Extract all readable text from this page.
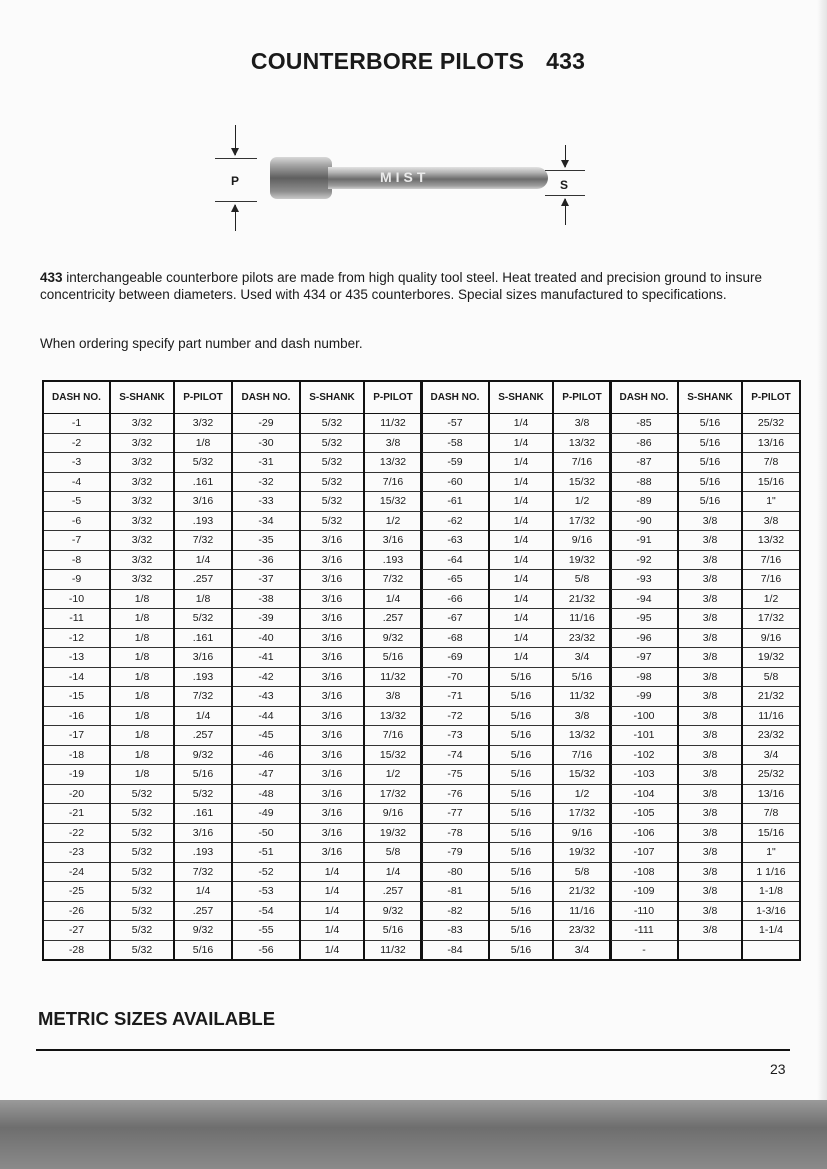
COUNTERBORE PILOTS 433
P	MIST	S
433 interchangeable counterbore pilots are made from high quality tool steel. Heat treated and precision ground to insure concentricity between diameters. Used with 434 or 435 counterbores. Special sizes manufactured to specifications.
When ordering specify part number and dash number.
DASH NO.	S-SHANK	P-PILOT
-1	3/32	3/32
-2	3/32	1/8
-3	3/32	5/32
-4	3/32	.161
-5	3/32	3/16
-6	3/32	.193
-7	3/32	7/32
-8	3/32	1/4
-9	3/32	.257
-10	1/8	1/8
-11	1/8	5/32
-12	1/8	.161
-13	1/8	3/16
-14	1/8	.193
-15	1/8	7/32
-16	1/8	1/4
-17	1/8	.257
-18	1/8	9/32
-19	1/8	5/16
-20	5/32	5/32
-21	5/32	.161
-22	5/32	3/16
-23	5/32	.193
-24	5/32	7/32
-25	5/32	1/4
-26	5/32	.257
-27	5/32	9/32
-28	5/32	5/16
DASH NO.	S-SHANK	P-PILOT
-29	5/32	11/32
-30	5/32	3/8
-31	5/32	13/32
-32	5/32	7/16
-33	5/32	15/32
-34	5/32	1/2
-35	3/16	3/16
-36	3/16	.193
-37	3/16	7/32
-38	3/16	1/4
-39	3/16	.257
-40	3/16	9/32
-41	3/16	5/16
-42	3/16	11/32
-43	3/16	3/8
-44	3/16	13/32
-45	3/16	7/16
-46	3/16	15/32
-47	3/16	1/2
-48	3/16	17/32
-49	3/16	9/16
-50	3/16	19/32
-51	3/16	5/8
-52	1/4	1/4
-53	1/4	.257
-54	1/4	9/32
-55	1/4	5/16
-56	1/4	11/32
DASH NO.	S-SHANK	P-PILOT
-57	1/4	3/8
-58	1/4	13/32
-59	1/4	7/16
-60	1/4	15/32
-61	1/4	1/2
-62	1/4	17/32
-63	1/4	9/16
-64	1/4	19/32
-65	1/4	5/8
-66	1/4	21/32
-67	1/4	11/16
-68	1/4	23/32
-69	1/4	3/4
-70	5/16	5/16
-71	5/16	11/32
-72	5/16	3/8
-73	5/16	13/32
-74	5/16	7/16
-75	5/16	15/32
-76	5/16	1/2
-77	5/16	17/32
-78	5/16	9/16
-79	5/16	19/32
-80	5/16	5/8
-81	5/16	21/32
-82	5/16	11/16
-83	5/16	23/32
-84	5/16	3/4
DASH NO.	S-SHANK	P-PILOT
-85	5/16	25/32
-86	5/16	13/16
-87	5/16	7/8
-88	5/16	15/16
-89	5/16	1"
-90	3/8	3/8
-91	3/8	13/32
-92	3/8	7/16
-93	3/8	7/16
-94	3/8	1/2
-95	3/8	17/32
-96	3/8	9/16
-97	3/8	19/32
-98	3/8	5/8
-99	3/8	21/32
-100	3/8	11/16
-101	3/8	23/32
-102	3/8	3/4
-103	3/8	25/32
-104	3/8	13/16
-105	3/8	7/8
-106	3/8	15/16
-107	3/8	1"
-108	3/8	1 1/16
-109	3/8	1-1/8
-110	3/8	1-3/16
-111	3/8	1-1/4
-		
METRIC SIZES AVAILABLE
23
